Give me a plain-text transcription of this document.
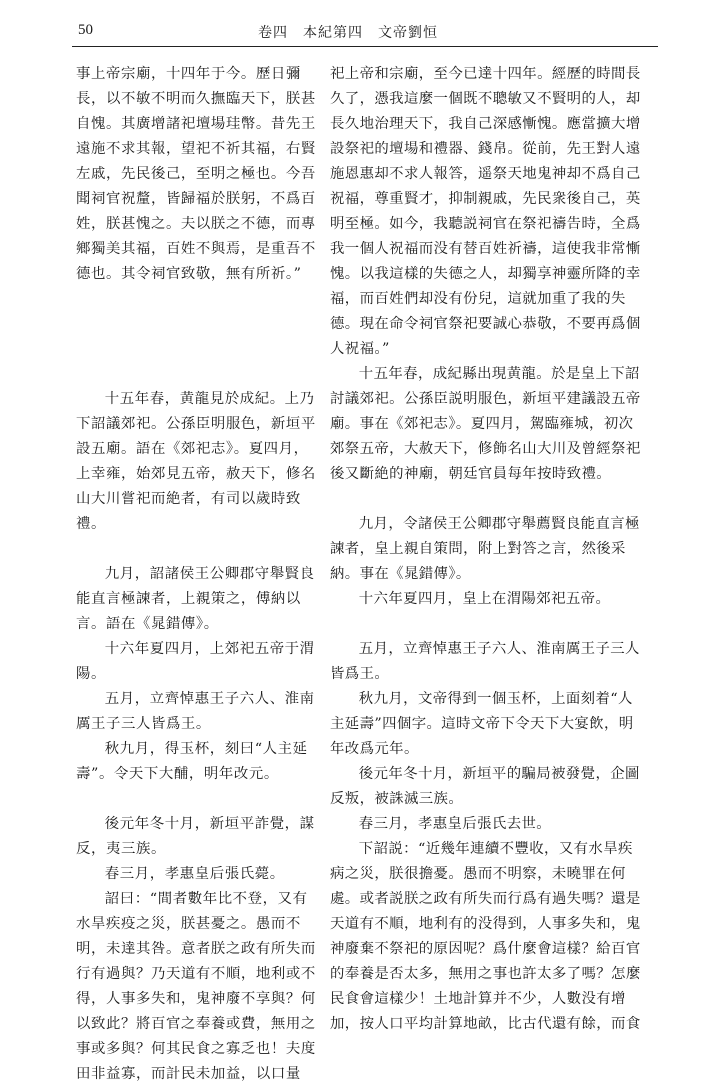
50	卷四　本紀第四　文帝劉恒

事上帝宗廟，十四年于今。歷日彌
長，以不敏不明而久撫臨天下，朕甚
自愧。其廣增諸祀壇場珪幣。昔先王
遠施不求其報，望祀不祈其福，右賢
左戚，先民後己，至明之極也。今吾
聞祠官祝釐，皆歸福於朕躬，不爲百
姓，朕甚愧之。夫以朕之不德，而專
鄉獨美其福，百姓不與焉，是重吾不
德也。其令祠官致敬，無有所祈。”

十五年春，黄龍見於成紀。上乃
下詔議郊祀。公孫臣明服色，新垣平
設五廟。語在《郊祀志》。夏四月，
上幸雍，始郊見五帝，赦天下，修名
山大川嘗祀而絶者，有司以歲時致
禮。

九月，詔諸侯王公卿郡守舉賢良
能直言極諫者，上親策之，傅納以
言。語在《晁錯傳》。

十六年夏四月，上郊祀五帝于渭
陽。

五月，立齊悼惠王子六人、淮南
厲王子三人皆爲王。

秋九月，得玉杯，刻曰“人主延
壽”。令天下大酺，明年改元。

後元年冬十月，新垣平詐覺，謀
反，夷三族。

春三月，孝惠皇后張氏薨。

詔曰：“間者數年比不登，又有
水旱疾疫之災，朕甚憂之。愚而不
明，未達其咎。意者朕之政有所失而
行有過與？乃天道有不順，地利或不
得，人事多失和，鬼神廢不享與？何
以致此？將百官之奉養或費，無用之
事或多與？何其民食之寡乏也！夫度
田非益寡，而計民未加益，以口量

祀上帝和宗廟，至今已達十四年。經歷的時間長
久了，憑我這麼一個既不聰敏又不賢明的人，却
長久地治理天下，我自己深感慚愧。應當擴大增
設祭祀的壇場和禮器、錢帛。從前，先王對人遠
施恩惠却不求人報答，遥祭天地鬼神却不爲自己
祝福，尊重賢才，抑制親戚，先民衆後自己，英
明至極。如今，我聽説祠官在祭祀禱告時，全爲
我一個人祝福而没有替百姓祈禱，這使我非常慚
愧。以我這樣的失德之人，却獨享神靈所降的幸
福，而百姓們却没有份兒，這就加重了我的失
德。現在命令祠官祭祀要誠心恭敬，不要再爲個
人祝福。”

十五年春，成紀縣出現黄龍。於是皇上下詔
討議郊祀。公孫臣説明服色，新垣平建議設五帝
廟。事在《郊祀志》。夏四月，駕臨雍城，初次
郊祭五帝，大赦天下，修飾名山大川及曾經祭祀
後又斷絶的神廟，朝廷官員每年按時致禮。

九月，令諸侯王公卿郡守舉薦賢良能直言極
諫者，皇上親自策問，附上對答之言，然後采
納。事在《晁錯傳》。

十六年夏四月，皇上在渭陽郊祀五帝。

五月，立齊悼惠王子六人、淮南厲王子三人
皆爲王。

秋九月，文帝得到一個玉杯，上面刻着“人
主延壽”四個字。這時文帝下令天下大宴飲，明
年改爲元年。

後元年冬十月，新垣平的騙局被發覺，企圖
反叛，被誅滅三族。

春三月，孝惠皇后張氏去世。

下詔説：“近幾年連續不豐收，又有水旱疾
病之災，朕很擔憂。愚而不明察，未曉罪在何
處。或者説朕之政有所失而行爲有過失嗎？還是
天道有不順，地利有的没得到，人事多失和，鬼
神廢棄不祭祀的原因呢？爲什麼會這樣？給百官
的奉養是否太多，無用之事也許太多了嗎？怎麼
民食會這樣少！土地計算并不少，人數没有增
加，按人口平均計算地畝，比古代還有餘，而食
